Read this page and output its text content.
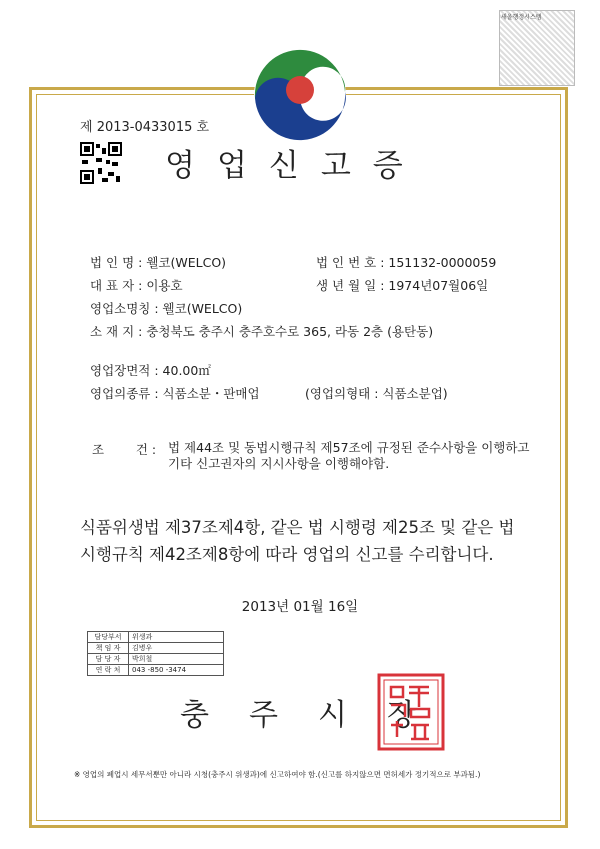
새올행정시스템
제 2013-0433015 호
영업신고증
법 인 명 : 웰코(WELCO)	법 인 번 호 : 151132-0000059
대 표 자 : 이용호	생 년 월 일 : 1974년07월06일
영업소명칭 : 웰코(WELCO)
소 재 지 : 충청북도 충주시 충주호수로 365, 라동 2층 (용탄동)
영업장면적 : 40.00㎡
영업의종류 : 식품소분・판매업	(영업의형태 : 식품소분업)
조        건 : 법 제44조 및 동법시행규칙 제57조에 규정된 준수사항을 이행하고 기타 신고권자의 지시사항을 이행해야함.
식품위생법 제37조제4항, 같은 법 시행령 제25조 및 같은 법 시행규칙 제42조제8항에 따라 영업의 신고를 수리합니다.
2013년 01월 16일
담당부서	위생과
책 임 자	김병우
담 당 자	박희철
연 락 처	043 -850 -3474
충주시장
※ 영업의 폐업시 세무서뿐만 아니라 시청(충주시 위생과)에 신고하여야 함.(신고를 하지않으면 면허세가 정기적으로 부과됨.)
